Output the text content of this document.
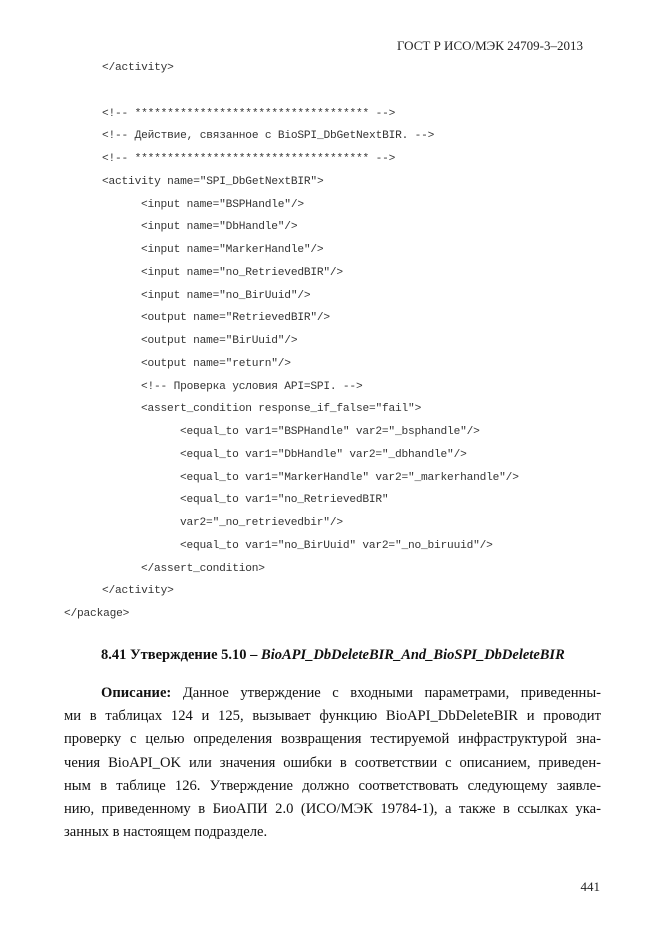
ГОСТ Р ИСО/МЭК 24709-3–2013
</activity>
<!-- ************************************ -->
<!-- Действие, связанное с BioSPI_DbGetNextBIR. -->
<!-- ************************************ -->
<activity name="SPI_DbGetNextBIR">
<input name="BSPHandle"/>
<input name="DbHandle"/>
<input name="MarkerHandle"/>
<input name="no_RetrievedBIR"/>
<input name="no_BirUuid"/>
<output name="RetrievedBIR"/>
<output name="BirUuid"/>
<output name="return"/>
<!-- Проверка условия API=SPI. -->
<assert_condition response_if_false="fail">
<equal_to var1="BSPHandle" var2="_bsphandle"/>
<equal_to var1="DbHandle" var2="_dbhandle"/>
<equal_to var1="MarkerHandle" var2="_markerhandle"/>
<equal_to var1="no_RetrievedBIR"
var2="_no_retrievedbir"/>
<equal_to var1="no_BirUuid" var2="_no_biruuid"/>
</assert_condition>
</activity>
</package>
8.41 Утверждение 5.10 – BioAPI_DbDeleteBIR_And_BioSPI_DbDeleteBIR
Описание: Данное утверждение с входными параметрами, приведенны-
ми в таблицах 124 и 125, вызывает функцию BioAPI_DbDeleteBIR и проводит
проверку с целью определения возвращения тестируемой инфраструктурой зна-
чения BioAPI_OK или значения ошибки в соответствии с описанием, приведен-
ным в таблице 126. Утверждение должно соответствовать следующему заявле-
нию, приведенному в БиоАПИ 2.0 (ИСО/МЭК 19784-1), а также в ссылках ука-
занных в настоящем подразделе.
441
